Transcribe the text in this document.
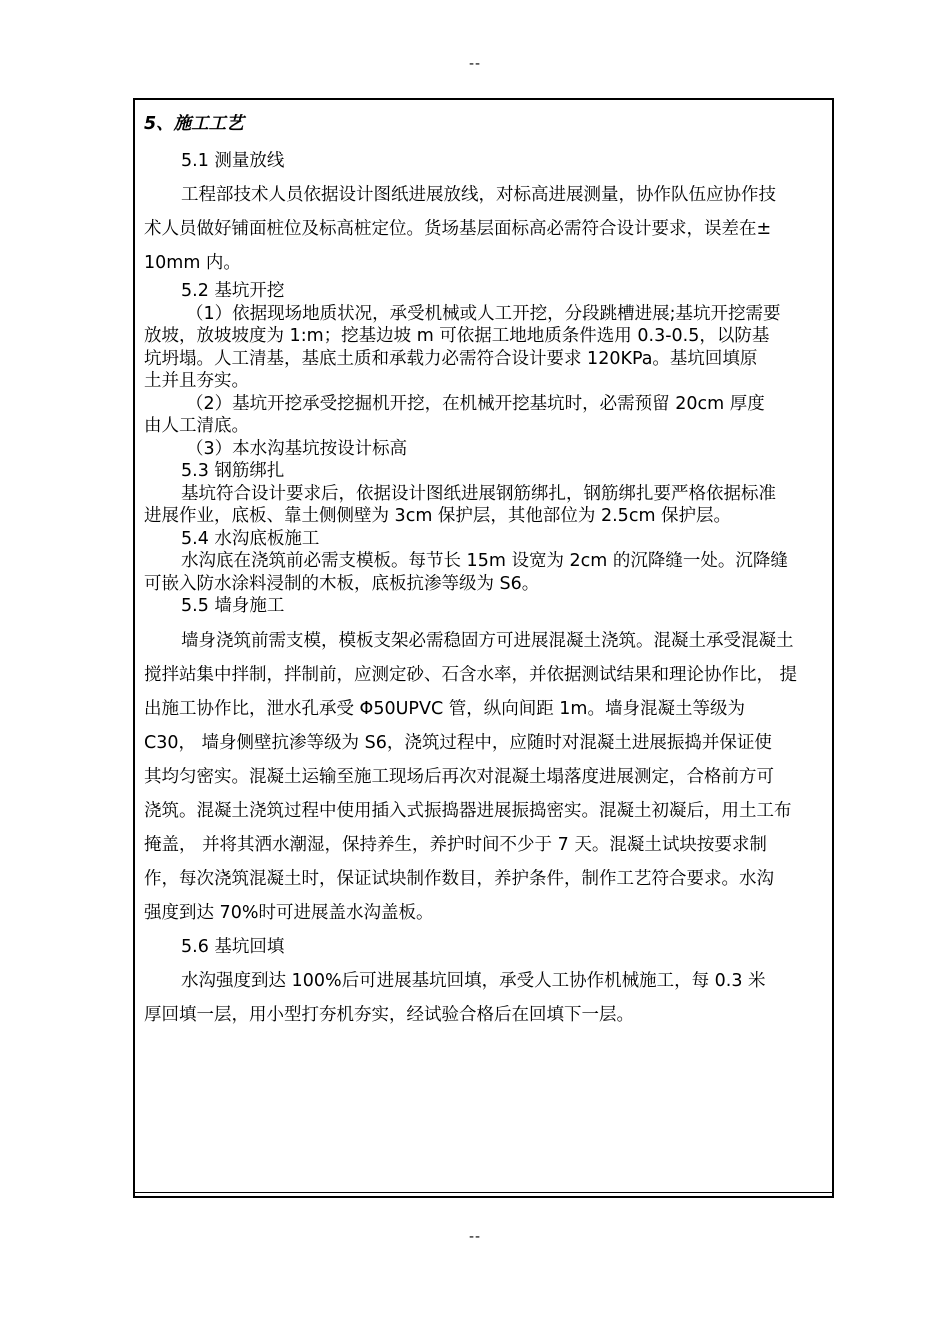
--
5、施工工艺
5.1 测量放线
工程部技术人员依据设计图纸进展放线，对标高进展测量，协作队伍应协作技
术人员做好铺面桩位及标高桩定位。货场基层面标高必需符合设计要求，误差在±
10mm 内。
5.2 基坑开挖
（1）依据现场地质状况，承受机械或人工开挖，分段跳槽进展;基坑开挖需要
放坡，放坡坡度为 1:m；挖基边坡 m 可依据工地地质条件选用 0.3-0.5，以防基
坑坍塌。人工清基，基底土质和承载力必需符合设计要求 120KPa。基坑回填原
土并且夯实。
（2）基坑开挖承受挖掘机开挖，在机械开挖基坑时，必需预留 20cm 厚度
由人工清底。
（3）本水沟基坑按设计标高
5.3 钢筋绑扎
基坑符合设计要求后，依据设计图纸进展钢筋绑扎，钢筋绑扎要严格依据标准
进展作业，底板、靠土侧侧壁为 3cm 保护层，其他部位为 2.5cm 保护层。
5.4 水沟底板施工
水沟底在浇筑前必需支模板。每节长 15m 设宽为 2cm 的沉降缝一处。沉降缝
可嵌入防水涂料浸制的木板，底板抗渗等级为 S6。
5.5 墙身施工
墙身浇筑前需支模，模板支架必需稳固方可进展混凝土浇筑。混凝土承受混凝土
搅拌站集中拌制，拌制前，应测定砂、石含水率，并依据测试结果和理论协作比， 提
出施工协作比，泄水孔承受 Φ50UPVC 管，纵向间距 1m。墙身混凝土等级为
C30， 墙身侧壁抗渗等级为 S6，浇筑过程中，应随时对混凝土进展振捣并保证使
其均匀密实。混凝土运输至施工现场后再次对混凝土塌落度进展测定，合格前方可
浇筑。混凝土浇筑过程中使用插入式振捣器进展振捣密实。混凝土初凝后，用土工布
掩盖， 并将其洒水潮湿，保持养生，养护时间不少于 7 天。混凝土试块按要求制
作，每次浇筑混凝土时，保证试块制作数目，养护条件，制作工艺符合要求。水沟
强度到达 70%时可进展盖水沟盖板。
5.6 基坑回填
水沟强度到达 100%后可进展基坑回填，承受人工协作机械施工，每 0.3 米
厚回填一层，用小型打夯机夯实，经试验合格后在回填下一层。
--
